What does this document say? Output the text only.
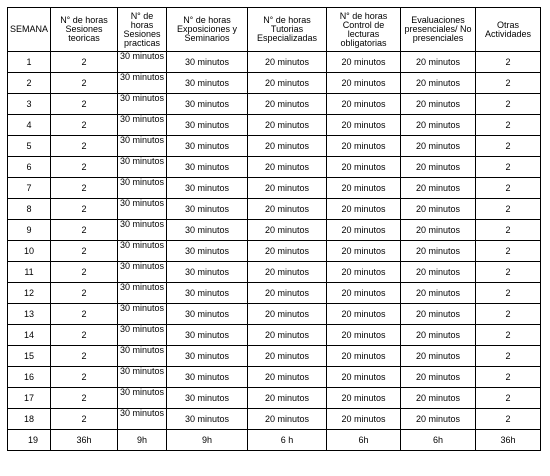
SEMANA	N° de horas Sesiones teoricas	N° de horas Sesiones practicas	N° de horas Exposiciones y Seminarios	N° de horas Tutorias Especializadas	N° de horas Control de lecturas obligatorias	Evaluaciones presenciales/ No presenciales	Otras Actividades
1	2	30 minutos	30 minutos	20 minutos	20 minutos	20 minutos	2
2	2	30 minutos	30 minutos	20 minutos	20 minutos	20 minutos	2
3	2	30 minutos	30 minutos	20 minutos	20 minutos	20 minutos	2
4	2	30 minutos	30 minutos	20 minutos	20 minutos	20 minutos	2
5	2	30 minutos	30 minutos	20 minutos	20 minutos	20 minutos	2
6	2	30 minutos	30 minutos	20 minutos	20 minutos	20 minutos	2
7	2	30 minutos	30 minutos	20 minutos	20 minutos	20 minutos	2
8	2	30 minutos	30 minutos	20 minutos	20 minutos	20 minutos	2
9	2	30 minutos	30 minutos	20 minutos	20 minutos	20 minutos	2
10	2	30 minutos	30 minutos	20 minutos	20 minutos	20 minutos	2
11	2	30 minutos	30 minutos	20 minutos	20 minutos	20 minutos	2
12	2	30 minutos	30 minutos	20 minutos	20 minutos	20 minutos	2
13	2	30 minutos	30 minutos	20 minutos	20 minutos	20 minutos	2
14	2	30 minutos	30 minutos	20 minutos	20 minutos	20 minutos	2
15	2	30 minutos	30 minutos	20 minutos	20 minutos	20 minutos	2
16	2	30 minutos	30 minutos	20 minutos	20 minutos	20 minutos	2
17	2	30 minutos	30 minutos	20 minutos	20 minutos	20 minutos	2
18	2	30 minutos	30 minutos	20 minutos	20 minutos	20 minutos	2
19	36h	9h	9h	6 h	6h	6h	36h
